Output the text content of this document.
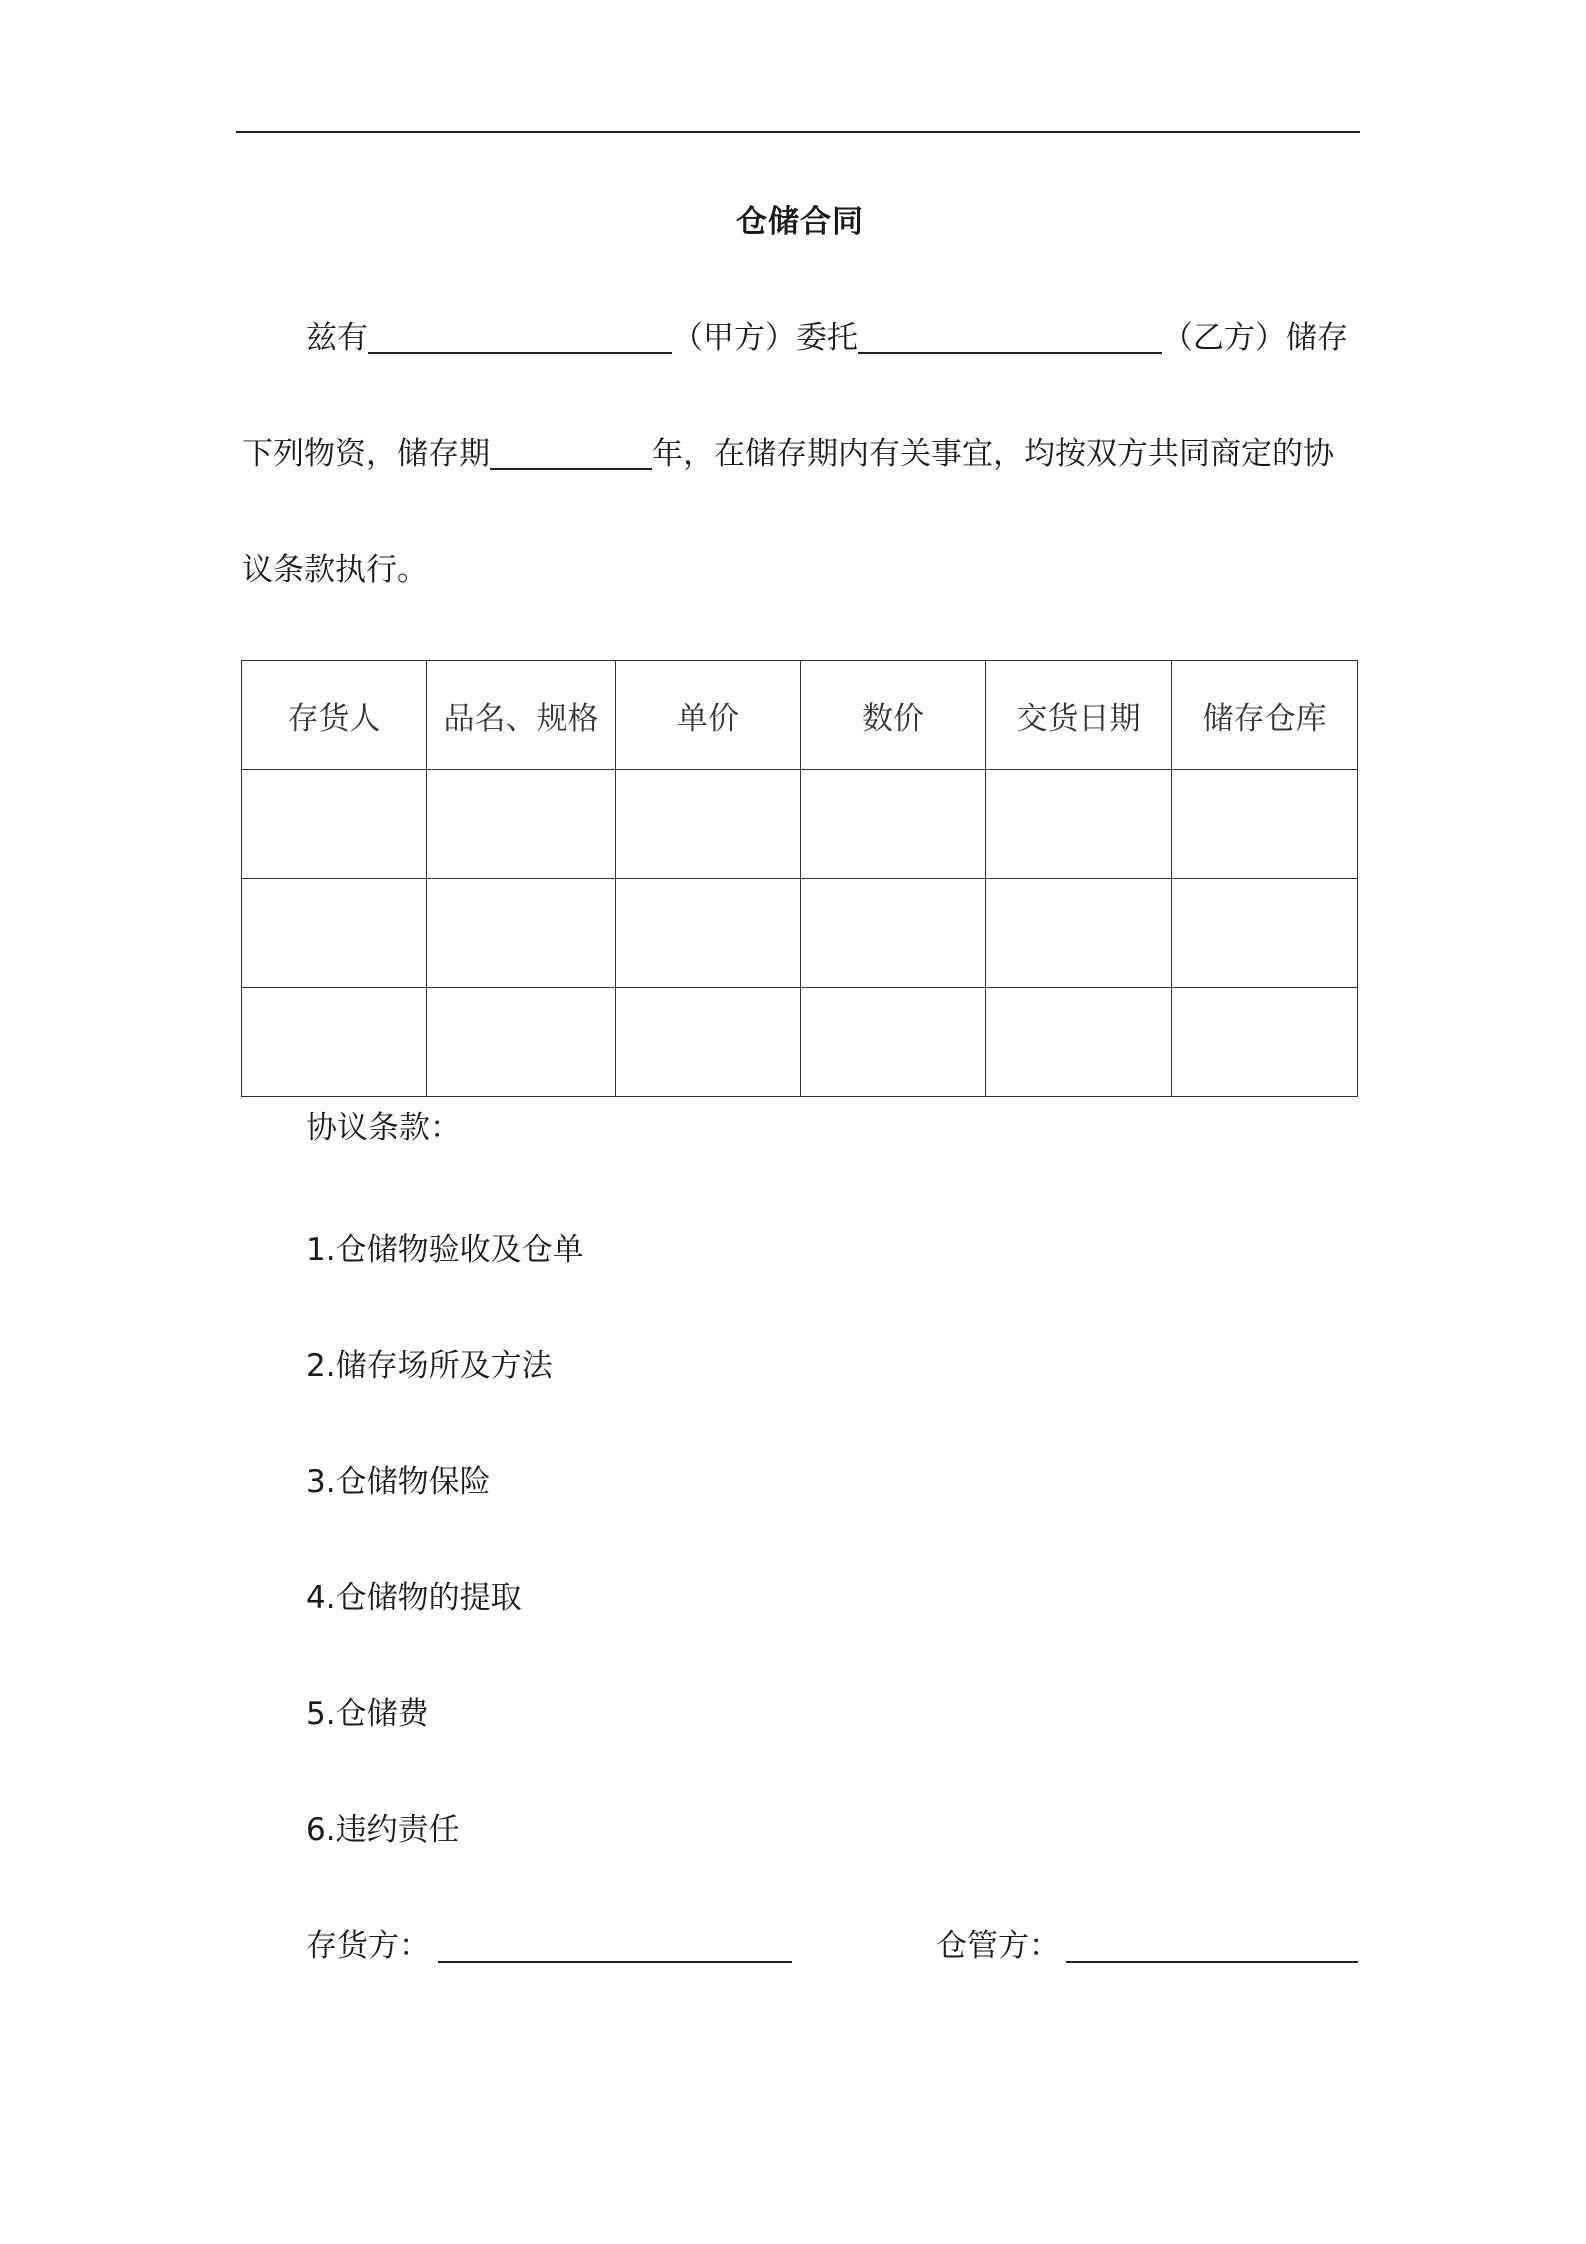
仓储合同
兹有	（甲方）委托	（乙方）储存
下列物资，储存期	年，在储存期内有关事宜，均按双方共同商定的协
议条款执行。
存货人	品名、规格	单价	数价	交货日期	储存仓库

协议条款：
1.仓储物验收及仓单
2.储存场所及方法
3.仓储物保险
4.仓储物的提取
5.仓储费
6.违约责任
存货方：	仓管方：
